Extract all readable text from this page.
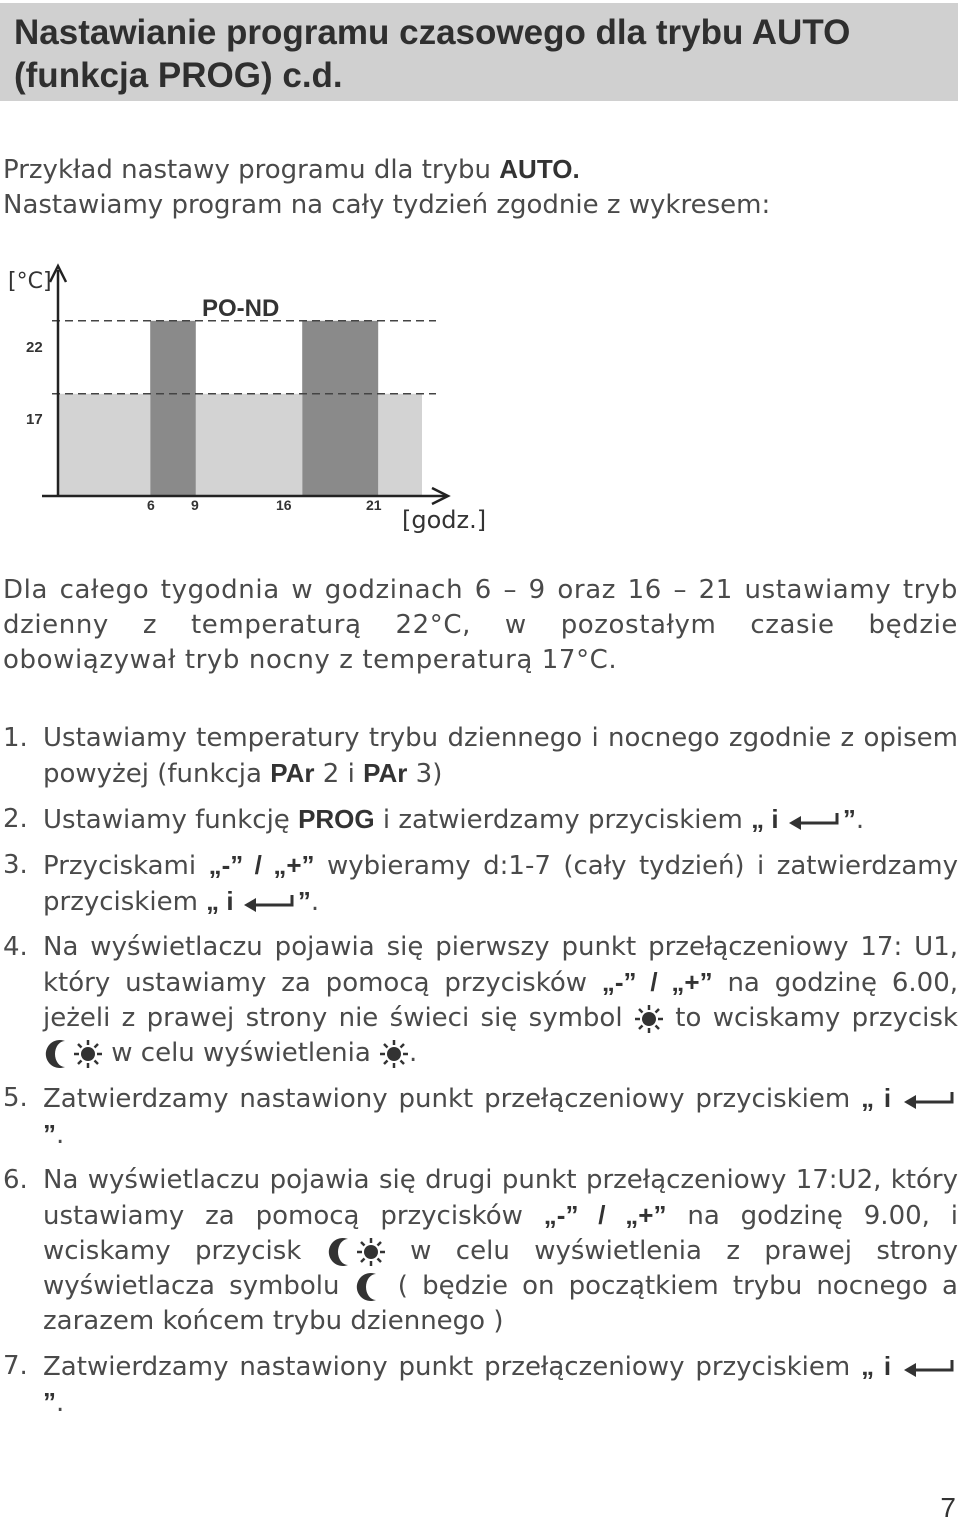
Nastawianie programu czasowego dla trybu AUTO
(funkcja PROG) c.d.
Przykład nastawy programu dla trybu AUTO.
Nastawiamy program na cały tydzień zgodnie z wykresem:
[°C]
PO-ND
22
17
6	9	16	21
[godz.]
Dla całego tygodnia w godzinach 6 – 9 oraz 16 – 21 ustawiamy tryb dzienny z temperaturą 22°C, w pozostałym czasie będzie obowiązywał tryb nocny z temperaturą 17°C.
1. Ustawiamy temperatury trybu dziennego i nocnego zgodnie z opisem powyżej (funkcja PAr 2 i PAr 3)
2. Ustawiamy funkcję PROG i zatwierdzamy przyciskiem „ i ”.
3. Przyciskami „-” / „+” wybieramy d:1-7 (cały tydzień) i zatwierdzamy przyciskiem „ i ”.
4. Na wyświetlaczu pojawia się pierwszy punkt przełączeniowy 17: U1, który ustawiamy za pomocą przycisków „-” / „+” na godzinę 6.00, jeżeli z prawej strony nie świeci się symbol  to wciskamy przycisk  w celu wyświetlenia .
5. Zatwierdzamy nastawiony punkt przełączeniowy przyciskiem „ i ”.
6. Na wyświetlaczu pojawia się drugi punkt przełączeniowy 17:U2, który ustawiamy za pomocą przycisków „-” / „+” na godzinę 9.00, i wciskamy przycisk  w celu wyświetlenia z prawej strony wyświetlacza symbolu  ( będzie on początkiem trybu nocnego a zarazem końcem trybu dziennego )
7. Zatwierdzamy nastawiony punkt przełączeniowy przyciskiem „ i ”.
7
